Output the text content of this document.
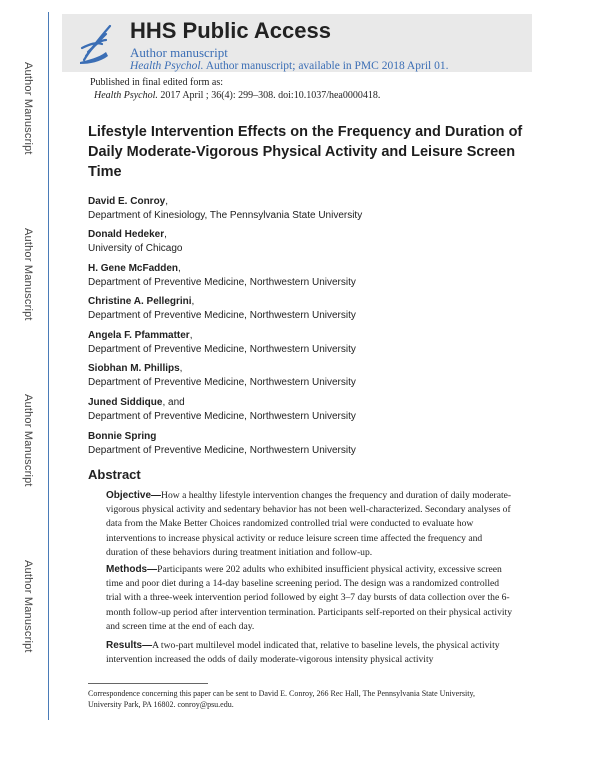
Author Manuscript
Author Manuscript
Author Manuscript
Author Manuscript
HHS Public Access
Author manuscript
Health Psychol. Author manuscript; available in PMC 2018 April 01.
Published in final edited form as:
Health Psychol. 2017 April ; 36(4): 299–308. doi:10.1037/hea0000418.
Lifestyle Intervention Effects on the Frequency and Duration of Daily Moderate-Vigorous Physical Activity and Leisure Screen Time
David E. Conroy,
Department of Kinesiology, The Pennsylvania State University
Donald Hedeker,
University of Chicago
H. Gene McFadden,
Department of Preventive Medicine, Northwestern University
Christine A. Pellegrini,
Department of Preventive Medicine, Northwestern University
Angela F. Pfammatter,
Department of Preventive Medicine, Northwestern University
Siobhan M. Phillips,
Department of Preventive Medicine, Northwestern University
Juned Siddique, and
Department of Preventive Medicine, Northwestern University
Bonnie Spring
Department of Preventive Medicine, Northwestern University
Abstract

Objective—How a healthy lifestyle intervention changes the frequency and duration of daily moderate-vigorous physical activity and sedentary behavior has not been well-characterized. Secondary analyses of data from the Make Better Choices randomized controlled trial were conducted to evaluate how interventions to increase physical activity or reduce leisure screen time affected the frequency and duration of these behaviors during treatment initiation and follow-up.

Methods—Participants were 202 adults who exhibited insufficient physical activity, excessive screen time and poor diet during a 14-day baseline screening period. The design was a randomized controlled trial with a three-week intervention period followed by eight 3–7 day bursts of data collection over the 6-month follow-up period after intervention termination. Participants self-reported on their physical activity and screen time at the end of each day.

Results—A two-part multilevel model indicated that, relative to baseline levels, the physical activity intervention increased the odds of daily moderate-vigorous intensity physical activity

Correspondence concerning this paper can be sent to David E. Conroy, 266 Rec Hall, The Pennsylvania State University, University Park, PA 16802. conroy@psu.edu.
